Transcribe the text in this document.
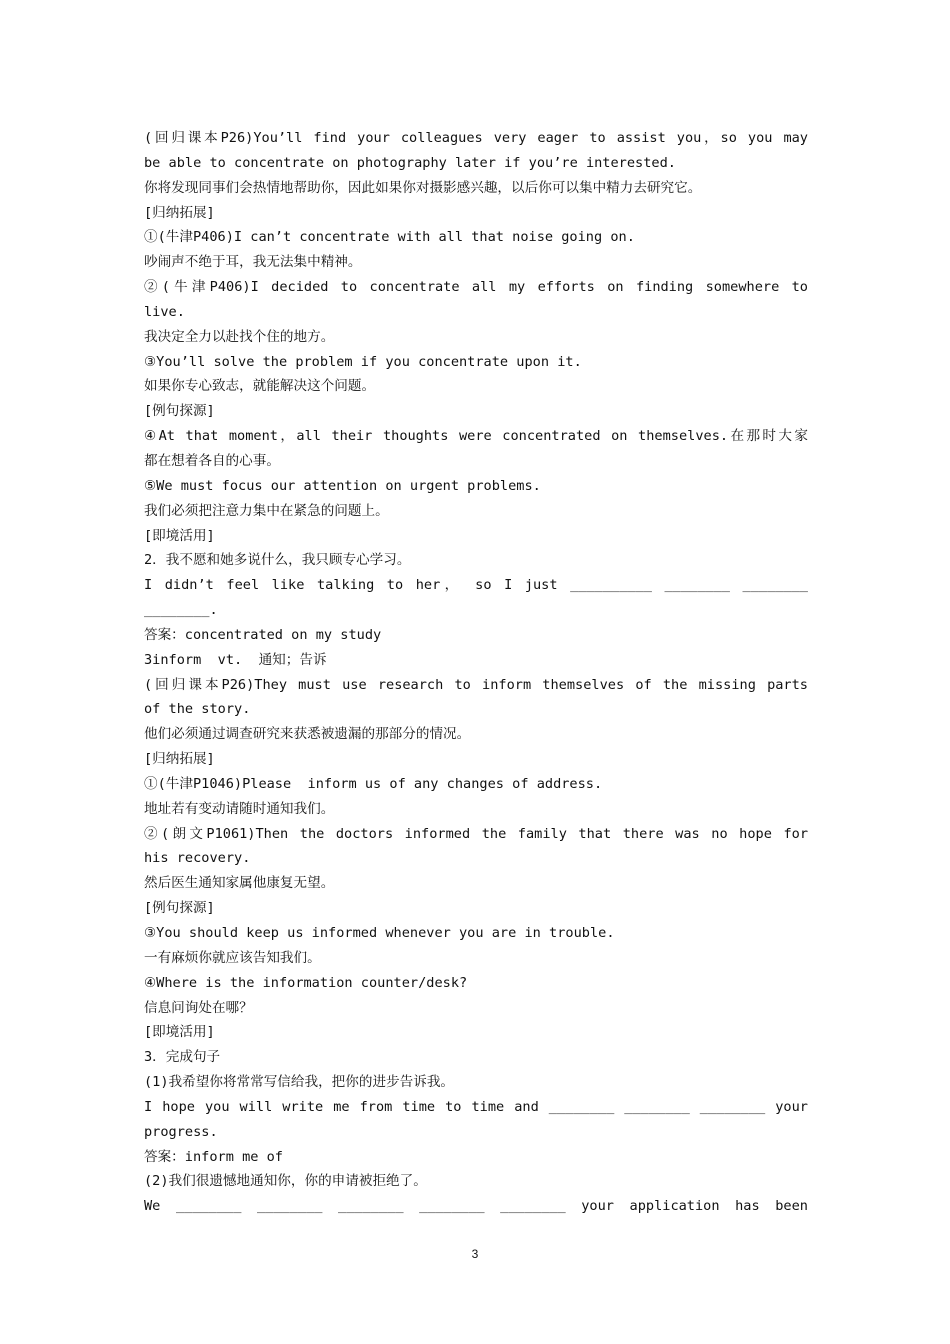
(回归课本P26)You’ll find your colleagues very eager to assist you，so you may
be able to concentrate on photography later if you’re interested.
你将发现同事们会热情地帮助你，因此如果你对摄影感兴趣，以后你可以集中精力去研究它。
[归纳拓展]
①(牛津P406)I can’t concentrate with all that noise going on.
吵闹声不绝于耳，我无法集中精神。
②(牛津P406)I decided to concentrate all my efforts on finding somewhere to
live.
我决定全力以赴找个住的地方。
③You’ll solve the problem if you concentrate upon it.
如果你专心致志，就能解决这个问题。
[例句探源]
④At that moment，all their thoughts were concentrated on themselves.在那时大家
都在想着各自的心事。
⑤We must focus our attention on urgent problems.
我们必须把注意力集中在紧急的问题上。
[即境活用]
2．我不愿和她多说什么，我只顾专心学习。
I didn’t feel like talking to her， so I just __________ ________ ________
________.
答案：concentrated on my study
3inform  vt.  通知；告诉
(回归课本P26)They must use research to inform themselves of the missing parts
of the story.
他们必须通过调查研究来获悉被遗漏的那部分的情况。
[归纳拓展]
①(牛津P1046)Please  inform us of any changes of address.
地址若有变动请随时通知我们。
②(朗文P1061)Then the doctors informed the family that there was no hope for
his recovery.
然后医生通知家属他康复无望。
[例句探源]
③You should keep us informed whenever you are in trouble.
一有麻烦你就应该告知我们。
④Where is the information counter/desk?
信息问询处在哪？
[即境活用]
3．完成句子
(1)我希望你将常常写信给我，把你的进步告诉我。
I hope you will write me from time to time and ________ ________ ________ your
progress.
答案：inform me of
(2)我们很遗憾地通知你，你的申请被拒绝了。
We ________ ________ ________ ________ ________ your application has been
3
